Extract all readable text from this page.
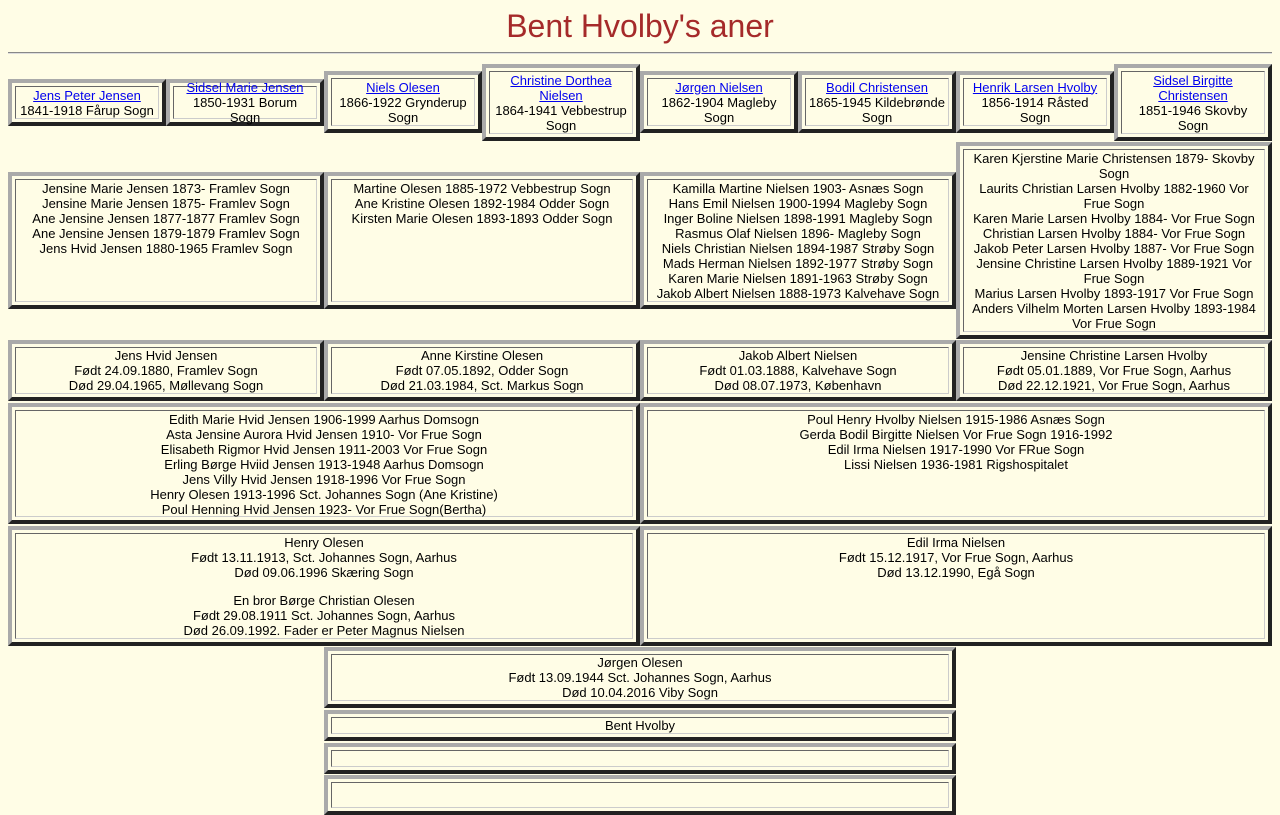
Bent Hvolby's aner
Jens Peter Jensen
1841-1918 Fårup Sogn
Sidsel Marie Jensen
1850-1931 Borum Sogn
Niels Olesen
1866-1922 Grynderup Sogn
Christine Dorthea Nielsen
1864-1941 Vebbestrup Sogn
Jørgen Nielsen
1862-1904 Magleby Sogn
Bodil Christensen
1865-1945 Kildebrønde Sogn
Henrik Larsen Hvolby
1856-1914 Råsted Sogn
Sidsel Birgitte Christensen
1851-1946 Skovby Sogn
Jensine Marie Jensen 1873- Framlev Sogn
Jensine Marie Jensen 1875- Framlev Sogn
Ane Jensine Jensen 1877-1877 Framlev Sogn
Ane Jensine Jensen 1879-1879 Framlev Sogn
Jens Hvid Jensen 1880-1965 Framlev Sogn
Martine Olesen 1885-1972 Vebbestrup Sogn
Ane Kristine Olesen 1892-1984 Odder Sogn
Kirsten Marie Olesen 1893-1893 Odder Sogn
Kamilla Martine Nielsen 1903- Asnæs Sogn
Hans Emil Nielsen 1900-1994 Magleby Sogn
Inger Boline Nielsen 1898-1991 Magleby Sogn
Rasmus Olaf Nielsen 1896- Magleby Sogn
Niels Christian Nielsen 1894-1987 Strøby Sogn
Mads Herman Nielsen 1892-1977 Strøby Sogn
Karen Marie Nielsen 1891-1963 Strøby Sogn
Jakob Albert Nielsen 1888-1973 Kalvehave Sogn
Karen Kjerstine Marie Christensen 1879- Skovby Sogn
Laurits Christian Larsen Hvolby 1882-1960 Vor Frue Sogn
Karen Marie Larsen Hvolby 1884- Vor Frue Sogn
Christian Larsen Hvolby 1884- Vor Frue Sogn
Jakob Peter Larsen Hvolby 1887- Vor Frue Sogn
Jensine Christine Larsen Hvolby 1889-1921 Vor Frue Sogn
Marius Larsen Hvolby 1893-1917 Vor Frue Sogn
Anders Vilhelm Morten Larsen Hvolby 1893-1984 Vor Frue Sogn
Jens Hvid Jensen
Født 24.09.1880, Framlev Sogn
Død 29.04.1965, Møllevang Sogn
Anne Kirstine Olesen
Født 07.05.1892, Odder Sogn
Død 21.03.1984, Sct. Markus Sogn
Jakob Albert Nielsen
Født 01.03.1888, Kalvehave Sogn
Død 08.07.1973, København
Jensine Christine Larsen Hvolby
Født 05.01.1889, Vor Frue Sogn, Aarhus
Død 22.12.1921, Vor Frue Sogn, Aarhus
Edith Marie Hvid Jensen 1906-1999 Aarhus Domsogn
Asta Jensine Aurora Hvid Jensen 1910- Vor Frue Sogn
Elisabeth Rigmor Hvid Jensen 1911-2003 Vor Frue Sogn
Erling Børge Hviid Jensen 1913-1948 Aarhus Domsogn
Jens Villy Hvid Jensen 1918-1996 Vor Frue Sogn
Henry Olesen 1913-1996 Sct. Johannes Sogn (Ane Kristine)
Poul Henning Hvid Jensen 1923- Vor Frue Sogn(Bertha)
Poul Henry Hvolby Nielsen 1915-1986 Asnæs Sogn
Gerda Bodil Birgitte Nielsen Vor Frue Sogn 1916-1992
Edil Irma Nielsen 1917-1990 Vor FRue Sogn
Lissi Nielsen 1936-1981 Rigshospitalet
Henry Olesen
Født 13.11.1913, Sct. Johannes Sogn, Aarhus
Død 09.06.1996 Skæring Sogn
En bror Børge Christian Olesen
Født 29.08.1911 Sct. Johannes Sogn, Aarhus
Død 26.09.1992. Fader er Peter Magnus Nielsen
Edil Irma Nielsen
Født 15.12.1917, Vor Frue Sogn, Aarhus
Død 13.12.1990, Egå Sogn
Jørgen Olesen
Født 13.09.1944 Sct. Johannes Sogn, Aarhus
Død 10.04.2016 Viby Sogn
Bent Hvolby
